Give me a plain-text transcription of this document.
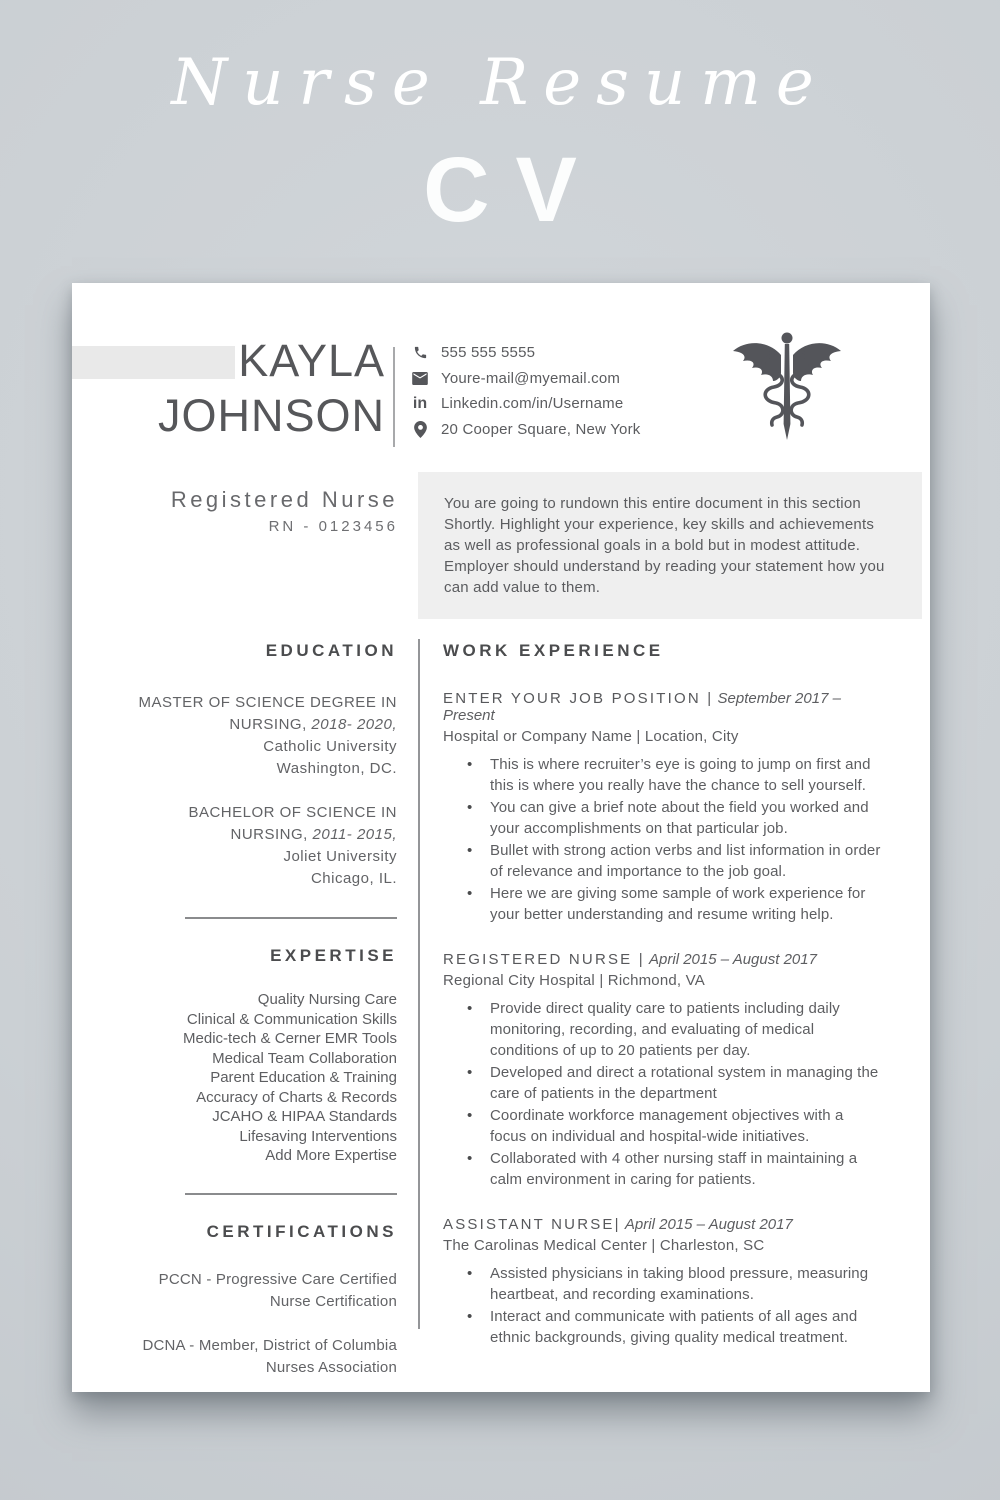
Nurse Resume
CV
KAYLA
JOHNSON
555 555 5555
Youre-mail@myemail.com
in Linkedin.com/in/Username
20 Cooper Square, New York
Registered Nurse
RN - 0123456

You are going to rundown this entire document in this section Shortly. Highlight your experience, key skills and achievements as well as professional goals in a bold but in modest attitude. Employer should understand by reading your statement how you can add value to them.

EDUCATION
MASTER OF SCIENCE DEGREE IN
NURSING, 2018- 2020,
Catholic University
Washington, DC.
BACHELOR OF SCIENCE IN
NURSING, 2011- 2015,
Joliet University
Chicago, IL.
EXPERTISE
Quality Nursing Care
Clinical & Communication Skills
Medic-tech & Cerner EMR Tools
Medical Team Collaboration
Parent Education & Training
Accuracy of Charts & Records
JCAHO & HIPAA Standards
Lifesaving Interventions
Add More Expertise
CERTIFICATIONS

PCCN - Progressive Care Certified Nurse Certification

DCNA - Member, District of Columbia Nurses Association

WORK EXPERIENCE
ENTER YOUR JOB POSITION | September 2017 – Present
Hospital or Company Name | Location, City
• This is where recruiter’s eye is going to jump on first and this is where you really have the chance to sell yourself.
• You can give a brief note about the field you worked and your accomplishments on that particular job.
• Bullet with strong action verbs and list information in order of relevance and importance to the job goal.
• Here we are giving some sample of work experience for your better understanding and resume writing help.
REGISTERED NURSE | April 2015 – August 2017
Regional City Hospital | Richmond, VA
• Provide direct quality care to patients including daily monitoring, recording, and evaluating of medical conditions of up to 20 patients per day.
• Developed and direct a rotational system in managing the care of patients in the department
• Coordinate workforce management objectives with a focus on individual and hospital-wide initiatives.
• Collaborated with 4 other nursing staff in maintaining a calm environment in caring for patients.
ASSISTANT NURSE| April 2015 – August 2017
The Carolinas Medical Center | Charleston, SC
• Assisted physicians in taking blood pressure, measuring heartbeat, and recording examinations.
• Interact and communicate with patients of all ages and ethnic backgrounds, giving quality medical treatment.
